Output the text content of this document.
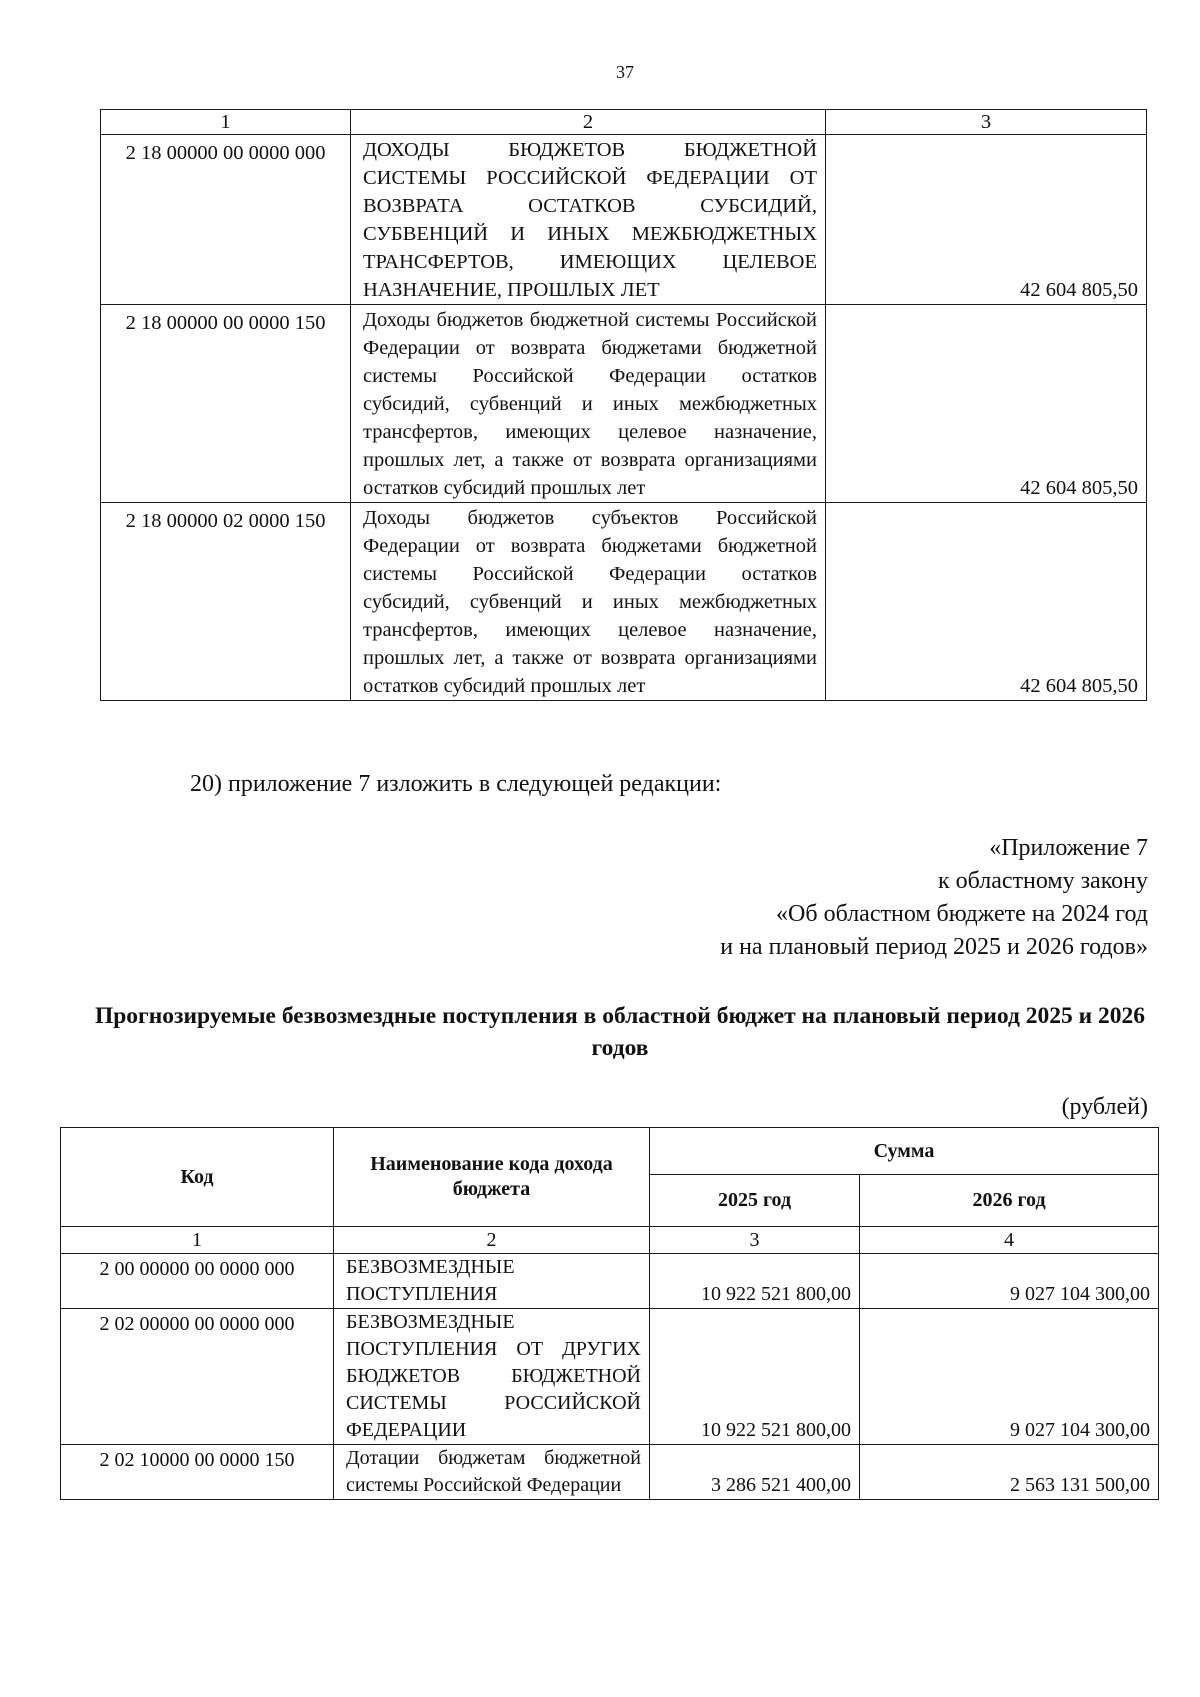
37
1	2	3
2 18 00000 00 0000 000	ДОХОДЫ БЮДЖЕТОВ БЮДЖЕТНОЙ СИСТЕМЫ РОССИЙСКОЙ ФЕДЕРАЦИИ ОТ ВОЗВРАТА ОСТАТКОВ СУБСИДИЙ, СУБВЕНЦИЙ И ИНЫХ МЕЖБЮДЖЕТНЫХ ТРАНСФЕРТОВ, ИМЕЮЩИХ ЦЕЛЕВОЕ НАЗНАЧЕНИЕ, ПРОШЛЫХ ЛЕТ	42 604 805,50
2 18 00000 00 0000 150	Доходы бюджетов бюджетной системы Российской Федерации от возврата бюджетами бюджетной системы Российской Федерации остатков субсидий, субвенций и иных межбюджетных трансфертов, имеющих целевое назначение, прошлых лет, а также от возврата организациями остатков субсидий прошлых лет	42 604 805,50
2 18 00000 02 0000 150	Доходы бюджетов субъектов Российской Федерации от возврата бюджетами бюджетной системы Российской Федерации остатков субсидий, субвенций и иных межбюджетных трансфертов, имеющих целевое назначение, прошлых лет, а также от возврата организациями остатков субсидий прошлых лет	42 604 805,50
20) приложение 7 изложить в следующей редакции:
«Приложение 7
к областному закону
«Об областном бюджете на 2024 год
и на плановый период 2025 и 2026 годов»
Прогнозируемые безвозмездные поступления в областной бюджет на плановый период 2025 и 2026 годов
(рублей)
Код	Наименование кода дохода бюджета	Сумма	
		2025 год	2026 год
1	2	3	4
2 00 00000 00 0000 000	БЕЗВОЗМЕЗДНЫЕ ПОСТУПЛЕНИЯ	10 922 521 800,00	9 027 104 300,00
2 02 00000 00 0000 000	БЕЗВОЗМЕЗДНЫЕ ПОСТУПЛЕНИЯ ОТ ДРУГИХ БЮДЖЕТОВ БЮДЖЕТНОЙ СИСТЕМЫ РОССИЙСКОЙ ФЕДЕРАЦИИ	10 922 521 800,00	9 027 104 300,00
2 02 10000 00 0000 150	Дотации бюджетам бюджетной системы Российской Федерации	3 286 521 400,00	2 563 131 500,00
